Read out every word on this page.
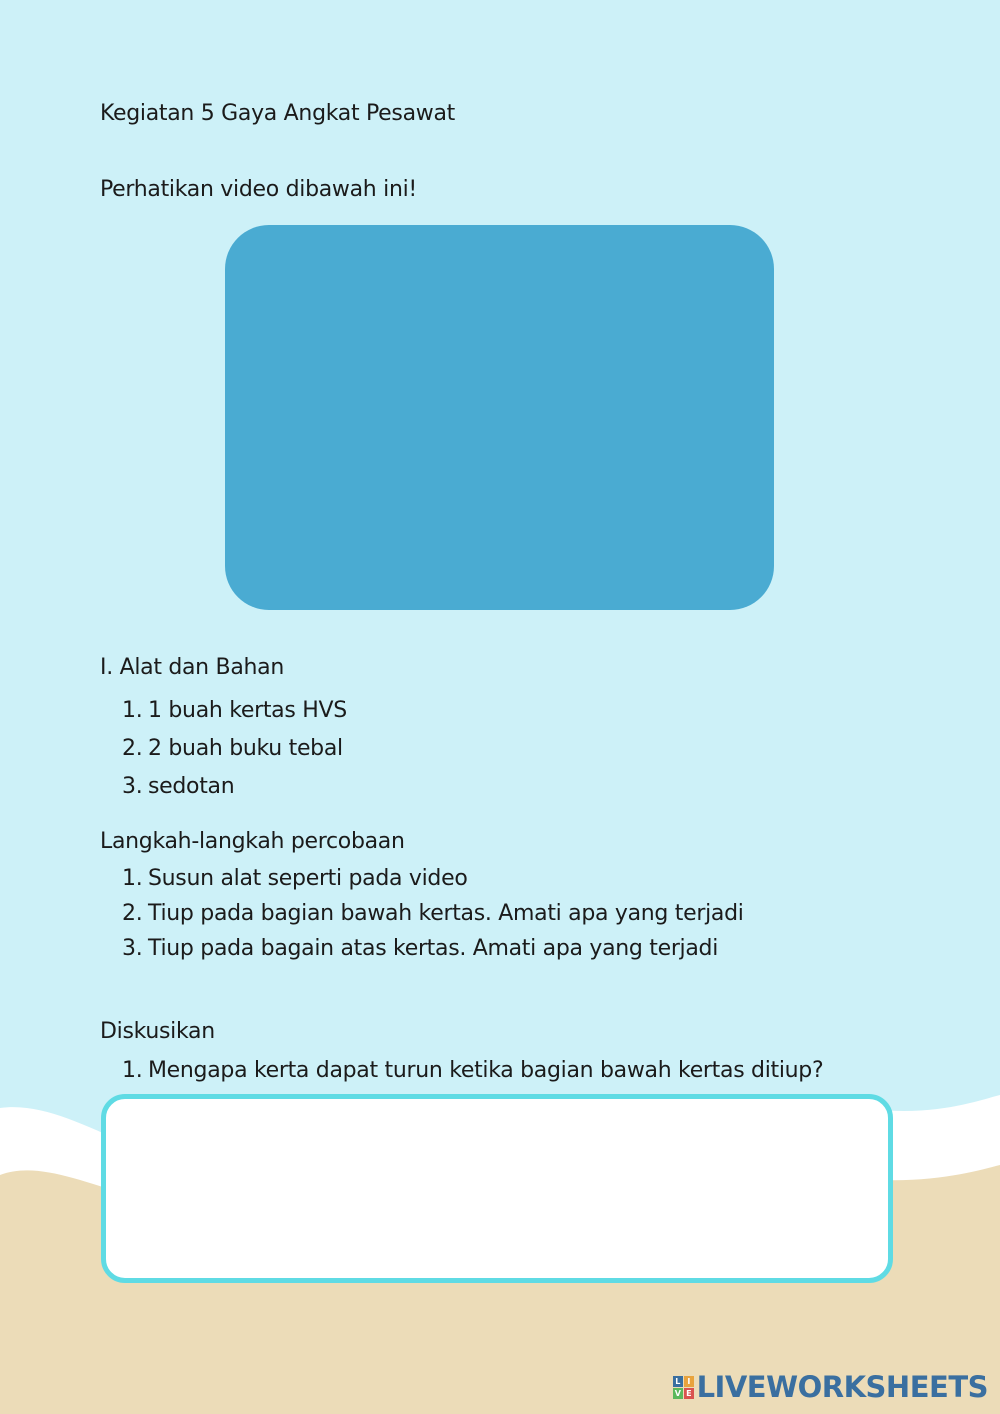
Kegiatan 5 Gaya Angkat Pesawat
Perhatikan video dibawah ini!
I. Alat dan Bahan
1. 1 buah kertas HVS
2. 2 buah buku tebal
3. sedotan
Langkah-langkah percobaan
1. Susun alat seperti pada video
2. Tiup pada bagian bawah kertas. Amati apa yang terjadi
3. Tiup pada bagain atas kertas. Amati apa yang terjadi
Diskusikan
1. Mengapa kerta dapat turun ketika bagian bawah kertas ditiup?
L I
V E LIVEWORKSHEETS
